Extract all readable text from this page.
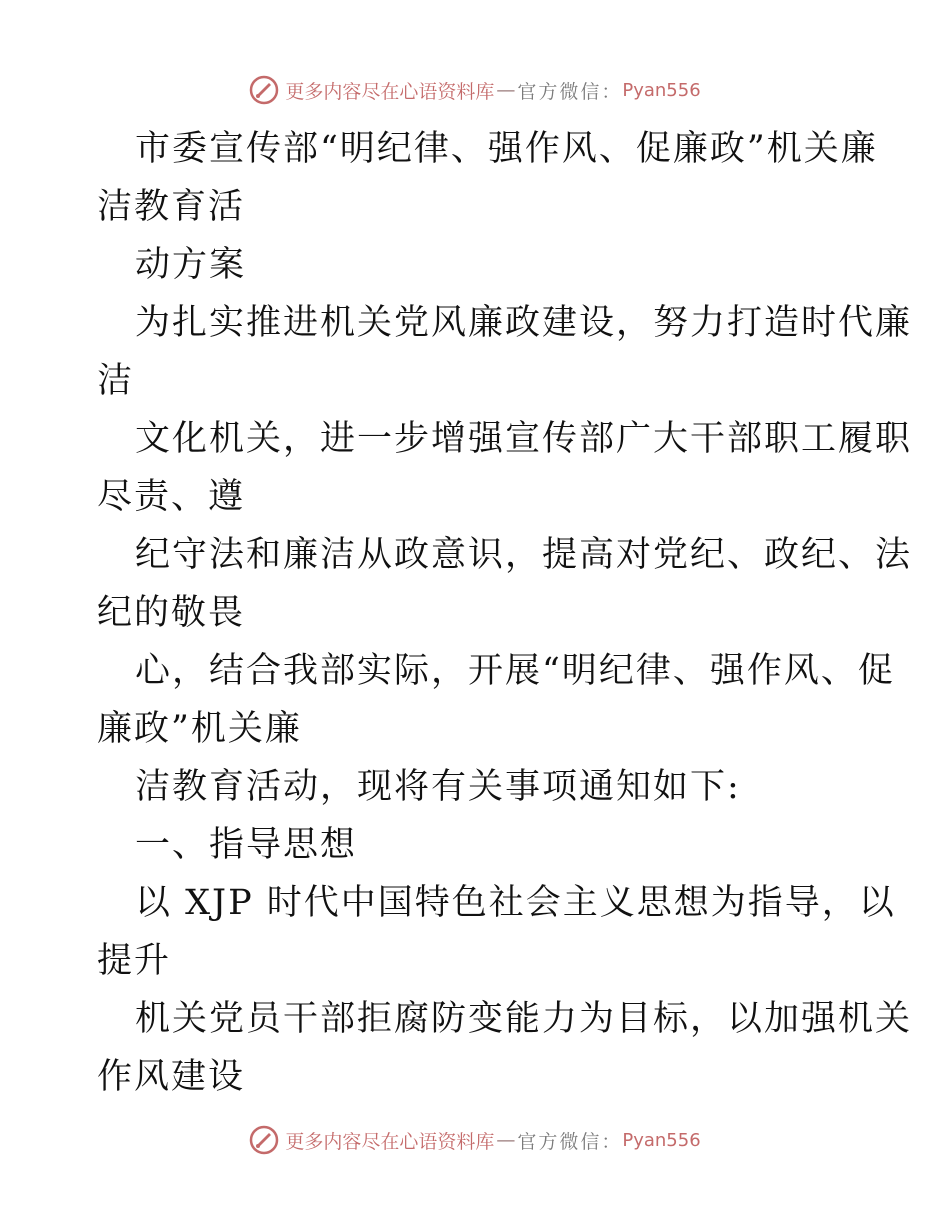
更多内容尽在心语资料库 — 官方微信： Pyan556
市委宣传部“明纪律、强作风、促廉政”机关廉
洁教育活
动方案
为扎实推进机关党风廉政建设，努力打造时代廉
洁
文化机关，进一步增强宣传部广大干部职工履职
尽责、遵
纪守法和廉洁从政意识，提高对党纪、政纪、法
纪的敬畏
心，结合我部实际，开展“明纪律、强作风、促
廉政”机关廉
洁教育活动，现将有关事项通知如下:
一、指导思想
以 XJP 时代中国特色社会主义思想为指导，以
提升
机关党员干部拒腐防变能力为目标，以加强机关
作风建设
更多内容尽在心语资料库 — 官方微信： Pyan556
